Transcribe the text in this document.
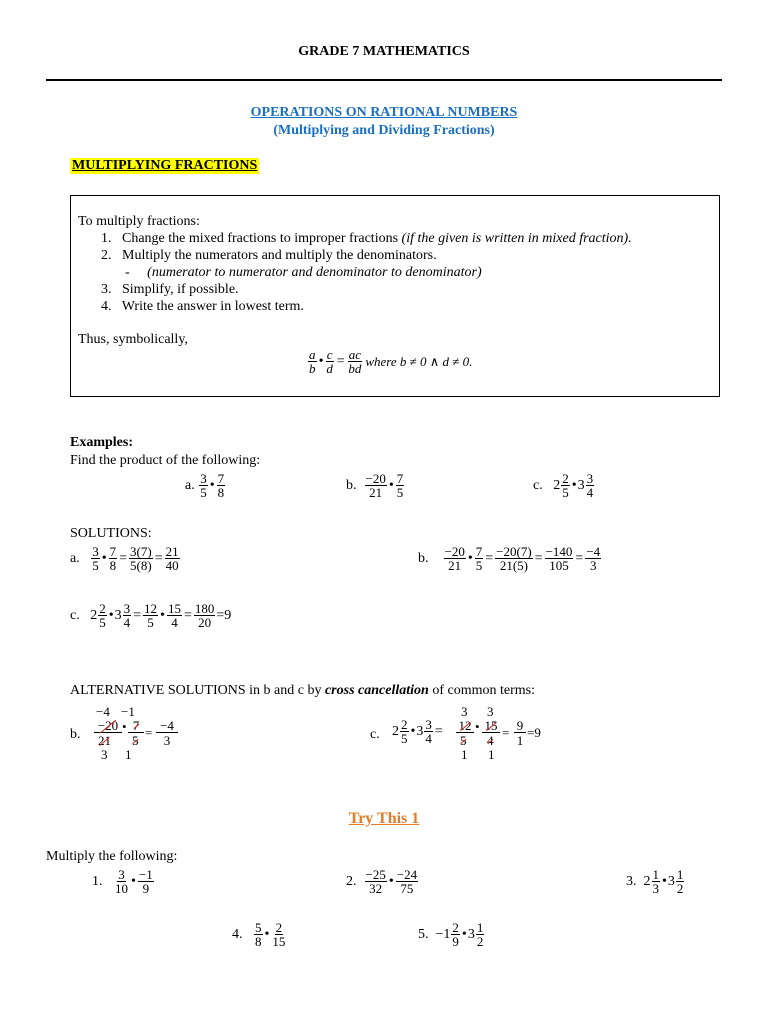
GRADE 7 MATHEMATICS
OPERATIONS ON RATIONAL NUMBERS
(Multiplying and Dividing Fractions)
MULTIPLYING FRACTIONS
To multiply fractions:
1. Change the mixed fractions to improper fractions (if the given is written in mixed fraction).
2. Multiply the numerators and multiply the denominators.
- (numerator to numerator and denominator to denominator)
3. Simplify, if possible.
4. Write the answer in lowest term.
Thus, symbolically,
$\frac{a}{b}$ • $\frac{c}{d} = \frac{ac}{bd}$ where b ≠ 0 ∧ d ≠ 0.
Examples:
Find the product of the following:
a.
$\frac{3}{5}$ • $\frac{7}{8}$	b.
$\frac{-20}{21}$ • $\frac{7}{5}$	c. $2 \frac{2}{5}$ • $3 \frac{3}{4}$
SOLUTIONS:
a.
$\frac{3}{5}$ • $\frac{7}{8} = \frac{3(7)}{5(8)} = \frac{21}{40}$	b.
$\frac{-20}{21}$ • $\frac{7}{5} = \frac{-20(7)}{21(5)} = \frac{-140}{105} = \frac{-4}{3}$
c.
$2 \frac{2}{5}$ • $3 \frac{3}{4} = \frac{12}{5}$ • $\frac{15}{4} = \frac{180}{20} =9$
ALTERNATIVE SOLUTIONS in b and c by cross cancellation of common terms:
b.
−4 −1
−20 • 7
21 5
3 1
= −4
3	c. $2 \frac{2}{5}$ • $3 \frac{3}{4}$ =
3 3
12 • 15
5 4
1 1
= 9
1
=9
Try This 1
Multiply the following:
1.
$\frac{3}{10}$ • $\frac{-1}{9}$	2.
$\frac{-25}{32}$ • $\frac{-24}{75}$	3.
$2 \frac{1}{3}$ • $3 \frac{1}{2}$
4.
$\frac{5}{8}$ • $\frac{2}{15}$	5.
$-1 \frac{2}{9}$ • $3 \frac{1}{2}$
